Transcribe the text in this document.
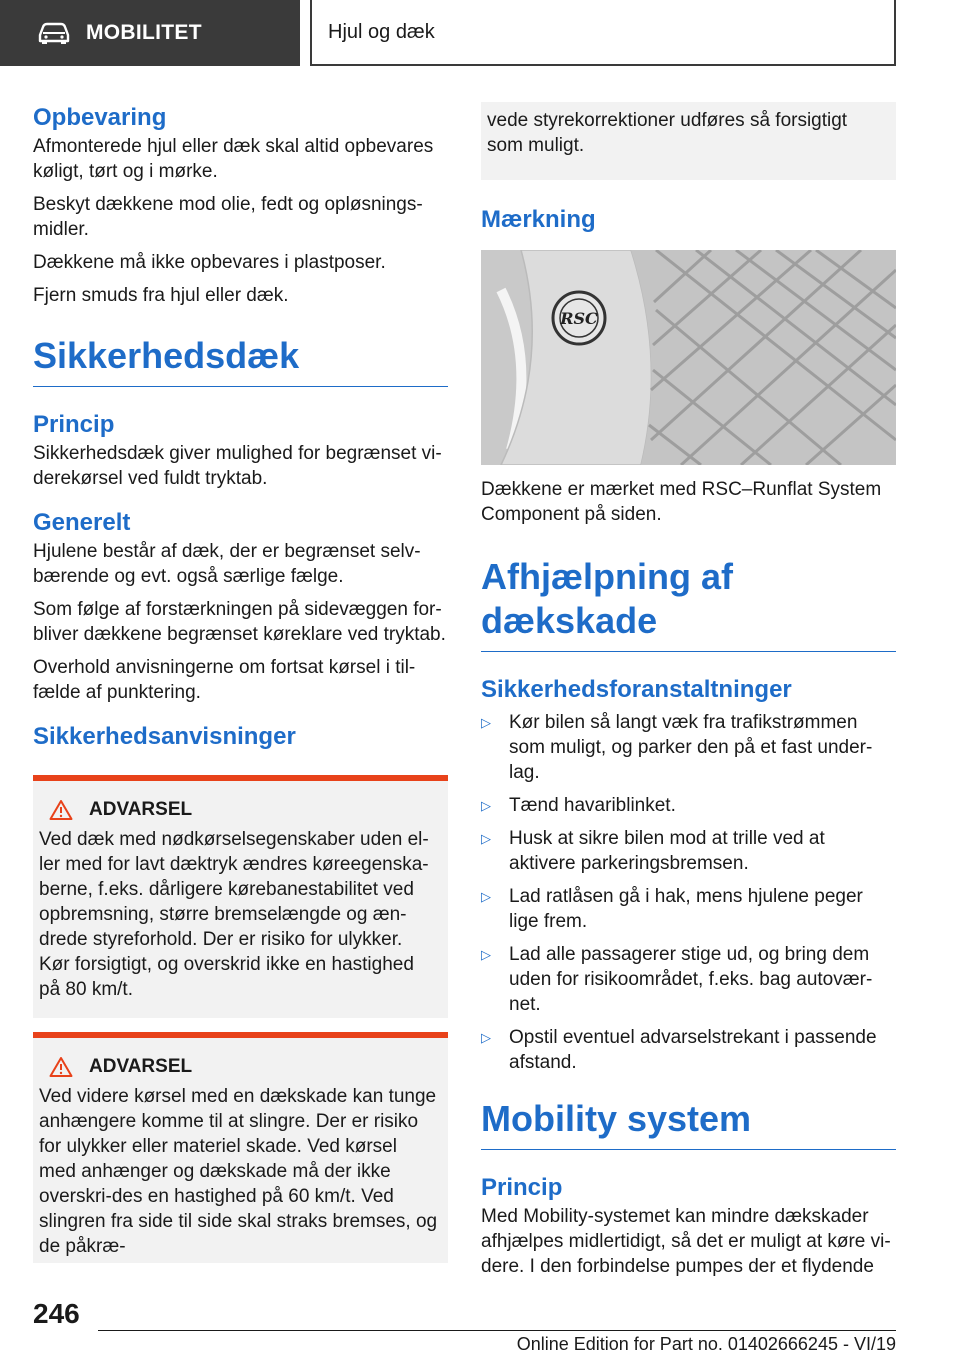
MOBILITET	Hjul og dæk
Opbevaring

Afmonterede hjul eller dæk skal altid opbevares køligt, tørt og i mørke.

Beskyt dækkene mod olie, fedt og opløsnings-midler.

Dækkene må ikke opbevares i plastposer.

Fjern smuds fra hjul eller dæk.

Sikkerhedsdæk
Princip

Sikkerhedsdæk giver mulighed for begrænset vi-derekørsel ved fuldt tryktab.

Generelt

Hjulene består af dæk, der er begrænset selv-bærende og evt. også særlige fælge.

Som følge af forstærkningen på sidevæggen for-bliver dækkene begrænset køreklare ved tryktab.

Overhold anvisningerne om fortsat kørsel i til-fælde af punktering.

Sikkerhedsanvisninger
ADVARSEL

Ved dæk med nødkørselsegenskaber uden el-ler med for lavt dæktryk ændres køreegenska-berne, f.eks. dårligere kørebanestabilitet ved opbremsning, større bremselængde og æn-drede styreforhold. Der er risiko for ulykker. Kør forsigtigt, og overskrid ikke en hastighed på 80 km/t.

ADVARSEL

Ved videre kørsel med en dækskade kan tunge anhængere komme til at slingre. Der er risiko for ulykker eller materiel skade. Ved kørsel med anhænger og dækskade må der ikke overskri-des en hastighed på 60 km/t. Ved slingren fra side til side skal straks bremses, og de påkræ-

vede styrekorrektioner udføres så forsigtigt som muligt.

Mærkning
RSC

Dækkene er mærket med RSC–Runflat System Component på siden.

Afhjælpning af dækskade
Sikkerhedsforanstaltninger
▷ Kør bilen så langt væk fra trafikstrømmen som muligt, og parker den på et fast under-lag.
▷ Tænd havariblinket.
▷ Husk at sikre bilen mod at trille ved at aktivere parkeringsbremsen.
▷ Lad ratlåsen gå i hak, mens hjulene peger lige frem.
▷ Lad alle passagerer stige ud, og bring dem uden for risikoområdet, f.eks. bag autovær-net.
▷ Opstil eventuel advarselstrekant i passende afstand.
Mobility system
Princip

Med Mobility-systemet kan mindre dækskader afhjælpes midlertidigt, så det er muligt at køre vi-dere. I den forbindelse pumpes der et flydende

246
Online Edition for Part no. 01402666245 - VI/19
